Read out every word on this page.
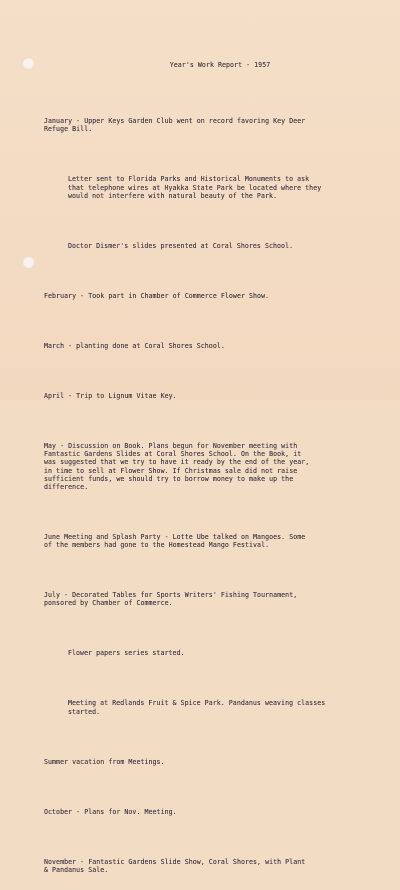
Year's Work Report - 1957

January - Upper Keys Garden Club went on record favoring Key Deer
Refuge Bill.

Letter sent to Florida Parks and Historical Monuments to ask
that telephone wires at Hyakka State Park be located where they
would not interfere with natural beauty of the Park.

Doctor Dismer's slides presented at Coral Shores School.

February - Took part in Chamber of Commerce Flower Show.

March - planting done at Coral Shores School.

April - Trip to Lignum Vitae Key.

May - Discussion on Book. Plans begun for November meeting with
Fantastic Gardens Slides at Coral Shores School. On the Book, it
was suggested that we try to have it ready by the end of the year,
in time to sell at Flower Show. If Christmas sale did not raise
sufficient funds, we should try to borrow money to make up the
difference.

June Meeting and Splash Party - Lotte Ube talked on Mangoes. Some
of the members had gone to the Homestead Mango Festival.

July - Decorated Tables for Sports Writers' Fishing Tournament,
ponsored by Chamber of Commerce.

Flower papers series started.

Meeting at Redlands Fruit & Spice Park. Pandanus weaving classes
started.

Summer vacation from Meetings.

October - Plans for Nov. Meeting.

November - Fantastic Gardens Slide Show, Coral Shores, with Plant
& Pandanus Sale.
